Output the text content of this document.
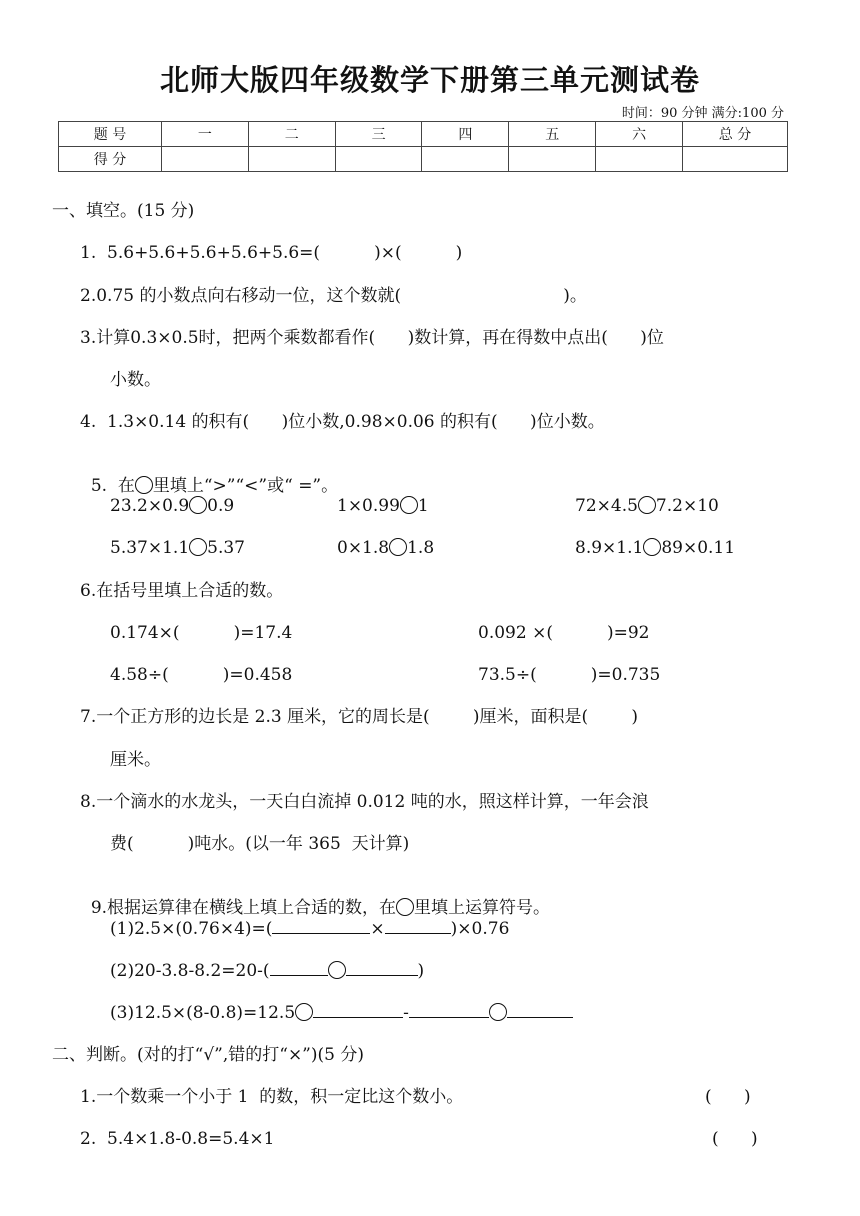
北师大版四年级数学下册第三单元测试卷
时间：90 分钟 满分:100 分
题 号	一	二	三	四	五	六	总 分
得 分							
一、填空。(15 分)
1.  5.6+5.6+5.6+5.6+5.6=(          )×(          )
2.0.75 的小数点向右移动一位，这个数就(                              )。
3.计算0.3×0.5时，把两个乘数都看作(      )数计算，再在得数中点出(      )位
小数。
4.  1.3×0.14 的积有(      )位小数,0.98×0.06 的积有(      )位小数。

5.  在 里填上“>”“<”或“ =”。

23.2×0.9 0.9	1×0.99 1	72×4.5 7.2×10
5.37×1.1 5.37	0×1.8 1.8	8.9×1.1 89×0.11
6.在括号里填上合适的数。
0.174×(          )=17.4	0.092 ×(          )=92
4.58÷(          )=0.458	73.5÷(          )=0.735
7.一个正方形的边长是 2.3 厘米，它的周长是(        )厘米，面积是(        )
厘米。
8.一个滴水的水龙头，一天白白流掉 0.012 吨的水，照这样计算，一年会浪
费(          )吨水。(以一年 365  天计算)

9.根据运算律在横线上填上合适的数，在 里填上运算符号。

(1)2.5×(0.76×4)=(	×	)×0.76
(2)20-3.8-8.2=20-(	)
(3)12.5×(8-0.8)=12.5	-
二、判断。(对的打“√”,错的打“×”)(5 分)
1.一个数乘一个小于 1  的数，积一定比这个数小。	(      )
2.  5.4×1.8-0.8=5.4×1	(      )
